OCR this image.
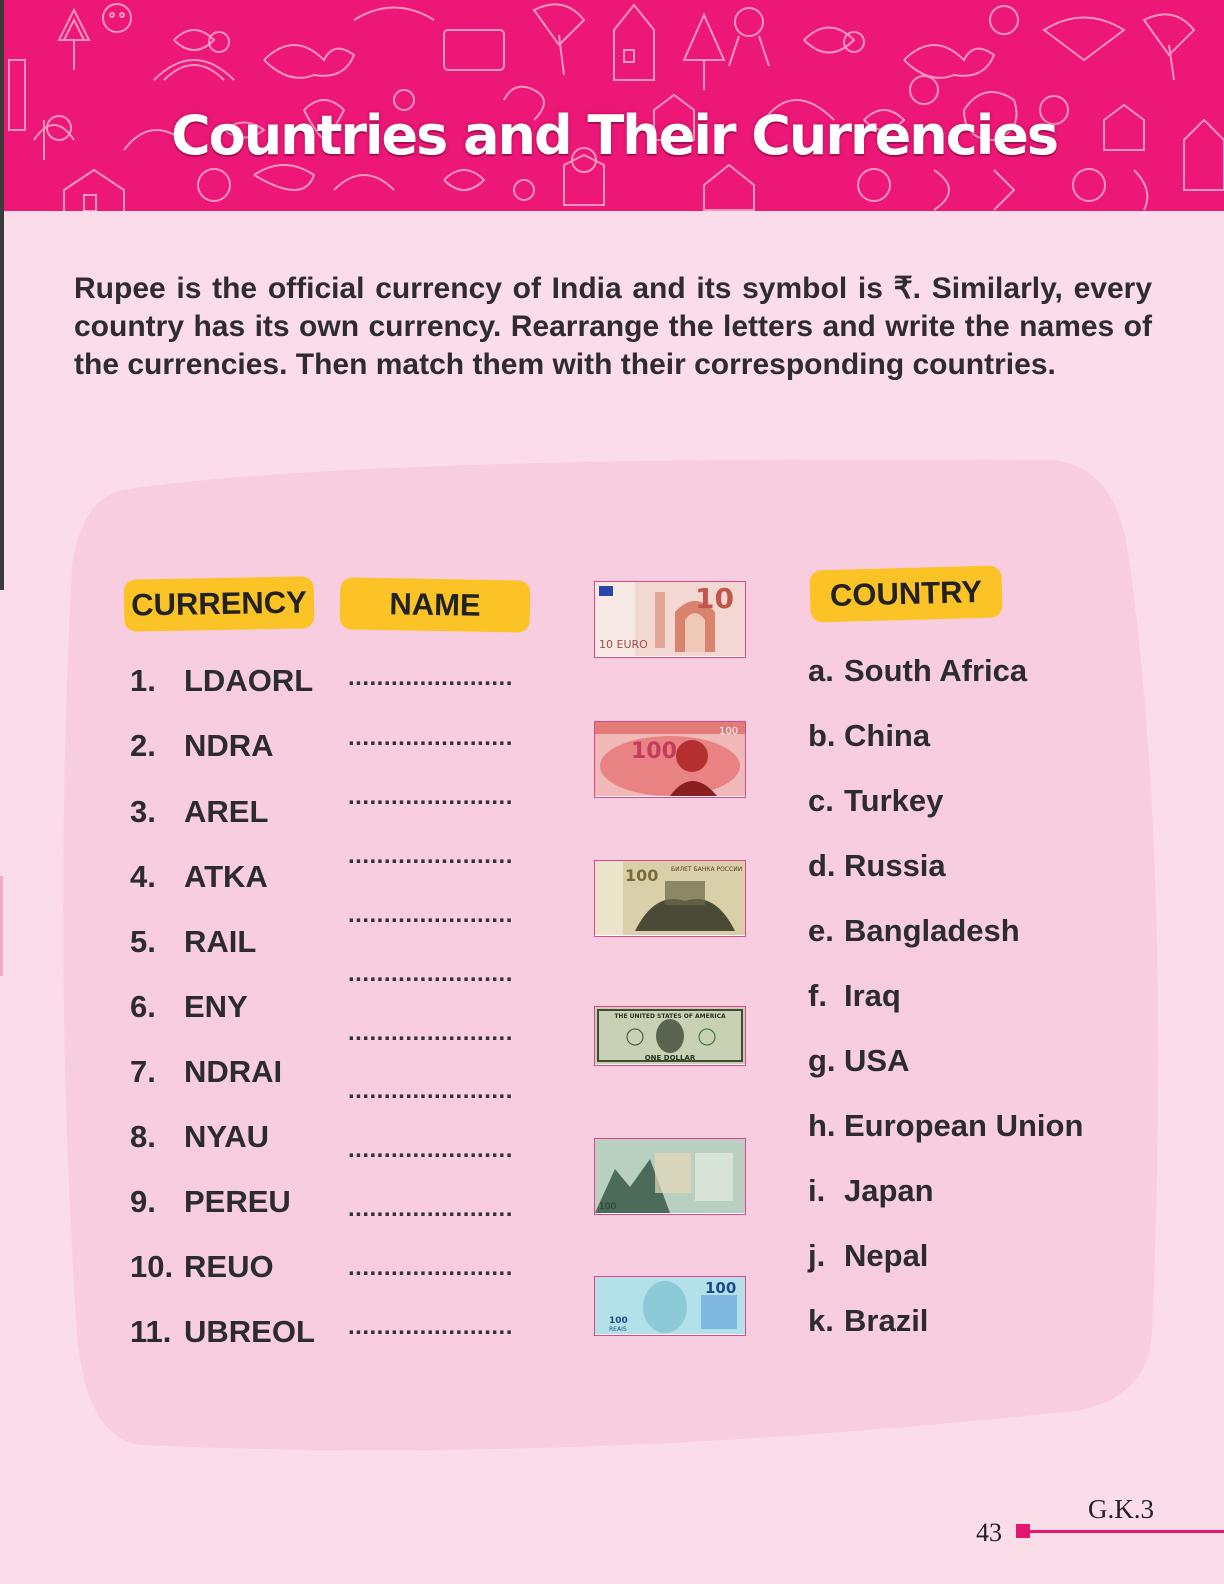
Countries and Their Currencies
Rupee is the official currency of India and its symbol is ₹. Similarly, every country has its own currency. Rearrange the letters and write the names of the currencies. Then match them with their corresponding countries.
CURRENCY	NAME	COUNTRY
1. LDAORL
2. NDRA
3. AREL
4. ATKA
5. RAIL
6. ENY
7. NDRAI
8. NYAU
9. PEREU
10. REUO
11. UBREOL
.......................
.......................
.......................
.......................
.......................
.......................
.......................
.......................
.......................
.......................
.......................
.......................
10
10 EURO
100
100
100 БИЛЕТ БАНКА РОССИИ
THE UNITED STATES OF AMERICA
ONE DOLLAR
100
100
100
REAIS
a. South Africa
b. China
c. Turkey
d. Russia
e. Bangladesh
f. Iraq
g. USA
h. European Union
i. Japan
j. Nepal
k. Brazil
G.K.3
43
